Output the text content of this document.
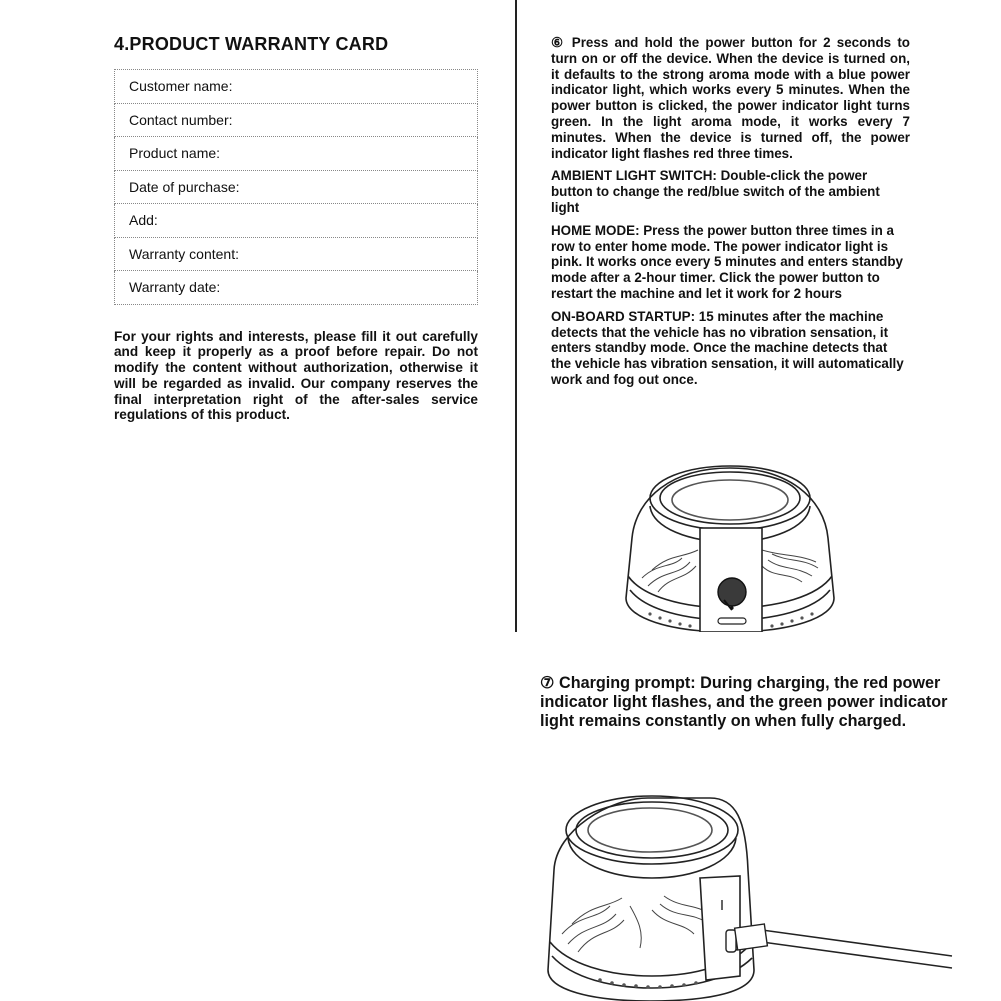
4.PRODUCT WARRANTY CARD
Customer name:
Contact number:
Product name:
Date of purchase:
Add:
Warranty content:
Warranty date:
For your rights and interests, please fill it out carefully and keep it properly as a proof before repair. Do not modify the content without authorization, otherwise it will be regarded as invalid. Our company reserves the final interpretation right of the after-sales service regulations of this product.

⑥ Press and hold the power button for 2 seconds to turn on or off the device. When the device is turned on, it defaults to the strong aroma mode with a blue power indicator light, which works every 5 minutes. When the power button is clicked, the power indicator light turns green. In the light aroma mode, it works every 7 minutes. When the device is turned off, the power indicator light flashes red three times.

AMBIENT LIGHT SWITCH: Double-click the power button to change the red/blue switch of the ambient light

HOME MODE: Press the power button three times in a row to enter home mode. The power indicator light is pink. It works once every 5 minutes and enters standby mode after a 2-hour timer. Click the power button to restart the machine and let it work for 2 hours

ON-BOARD STARTUP: 15 minutes after the machine detects that the vehicle has no vibration sensation, it enters standby mode. Once the machine detects that the vehicle has vibration sensation, it will automatically work and fog out once.

⑦ Charging prompt: During charging, the red power indicator light flashes, and the green power indicator light remains constantly on when fully charged.
